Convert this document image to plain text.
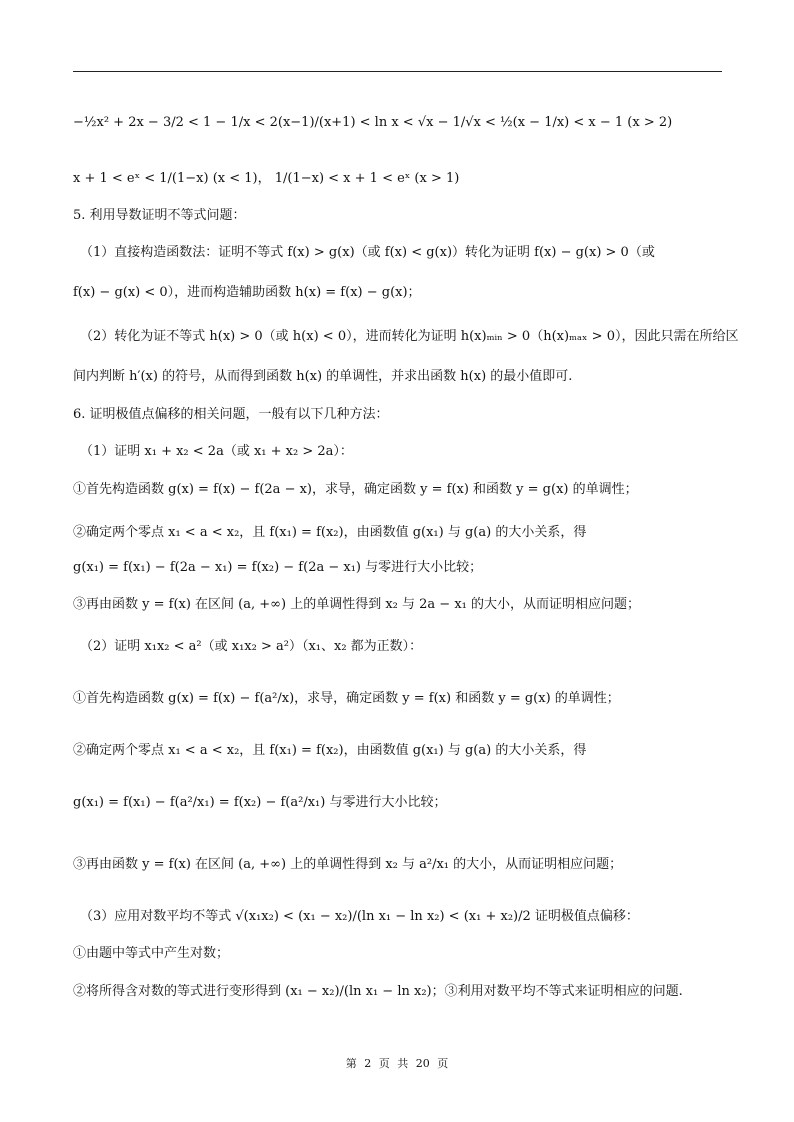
−½x² + 2x − 3/2 < 1 − 1/x < 2(x−1)/(x+1) < ln x < √x − 1/√x < ½(x − 1/x) < x − 1 (x > 2)
x + 1 < eˣ < 1/(1−x) (x < 1)， 1/(1−x) < x + 1 < eˣ (x > 1)
5. 利用导数证明不等式问题：
（1）直接构造函数法：证明不等式 f(x) > g(x)（或 f(x) < g(x)）转化为证明 f(x) − g(x) > 0（或
f(x) − g(x) < 0），进而构造辅助函数 h(x) = f(x) − g(x)；
（2）转化为证不等式 h(x) > 0（或 h(x) < 0），进而转化为证明 h(x)ₘᵢₙ > 0（h(x)ₘₐₓ > 0），因此只需在所给区
间内判断 h′(x) 的符号，从而得到函数 h(x) 的单调性，并求出函数 h(x) 的最小值即可.
6. 证明极值点偏移的相关问题，一般有以下几种方法：
（1）证明 x₁ + x₂ < 2a（或 x₁ + x₂ > 2a）：
①首先构造函数 g(x) = f(x) − f(2a − x)，求导，确定函数 y = f(x) 和函数 y = g(x) 的单调性；
②确定两个零点 x₁ < a < x₂，且 f(x₁) = f(x₂)，由函数值 g(x₁) 与 g(a) 的大小关系，得
g(x₁) = f(x₁) − f(2a − x₁) = f(x₂) − f(2a − x₁) 与零进行大小比较；
③再由函数 y = f(x) 在区间 (a, +∞) 上的单调性得到 x₂ 与 2a − x₁ 的大小，从而证明相应问题；
（2）证明 x₁x₂ < a²（或 x₁x₂ > a²）（x₁、x₂ 都为正数）：
①首先构造函数 g(x) = f(x) − f(a²/x)，求导，确定函数 y = f(x) 和函数 y = g(x) 的单调性；
②确定两个零点 x₁ < a < x₂，且 f(x₁) = f(x₂)，由函数值 g(x₁) 与 g(a) 的大小关系，得
g(x₁) = f(x₁) − f(a²/x₁) = f(x₂) − f(a²/x₁) 与零进行大小比较；
③再由函数 y = f(x) 在区间 (a, +∞) 上的单调性得到 x₂ 与 a²/x₁ 的大小，从而证明相应问题；
（3）应用对数平均不等式 √(x₁x₂) < (x₁ − x₂)/(ln x₁ − ln x₂) < (x₁ + x₂)/2 证明极值点偏移：
①由题中等式中产生对数；
②将所得含对数的等式进行变形得到 (x₁ − x₂)/(ln x₁ − ln x₂)；③利用对数平均不等式来证明相应的问题.
第 2 页 共 20 页
